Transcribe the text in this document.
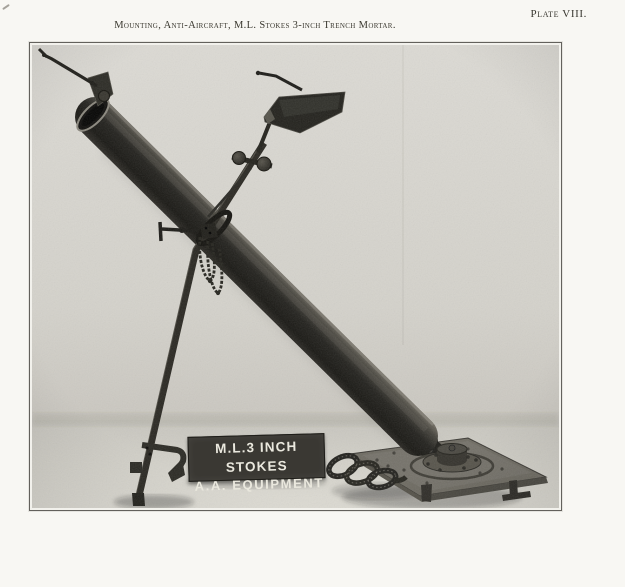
Plate VIII.
Mounting, Anti-Aircraft, M.L. Stokes 3-inch Trench Mortar.
M.L.3 INCH STOKES
A.A. EQUIPMENT
